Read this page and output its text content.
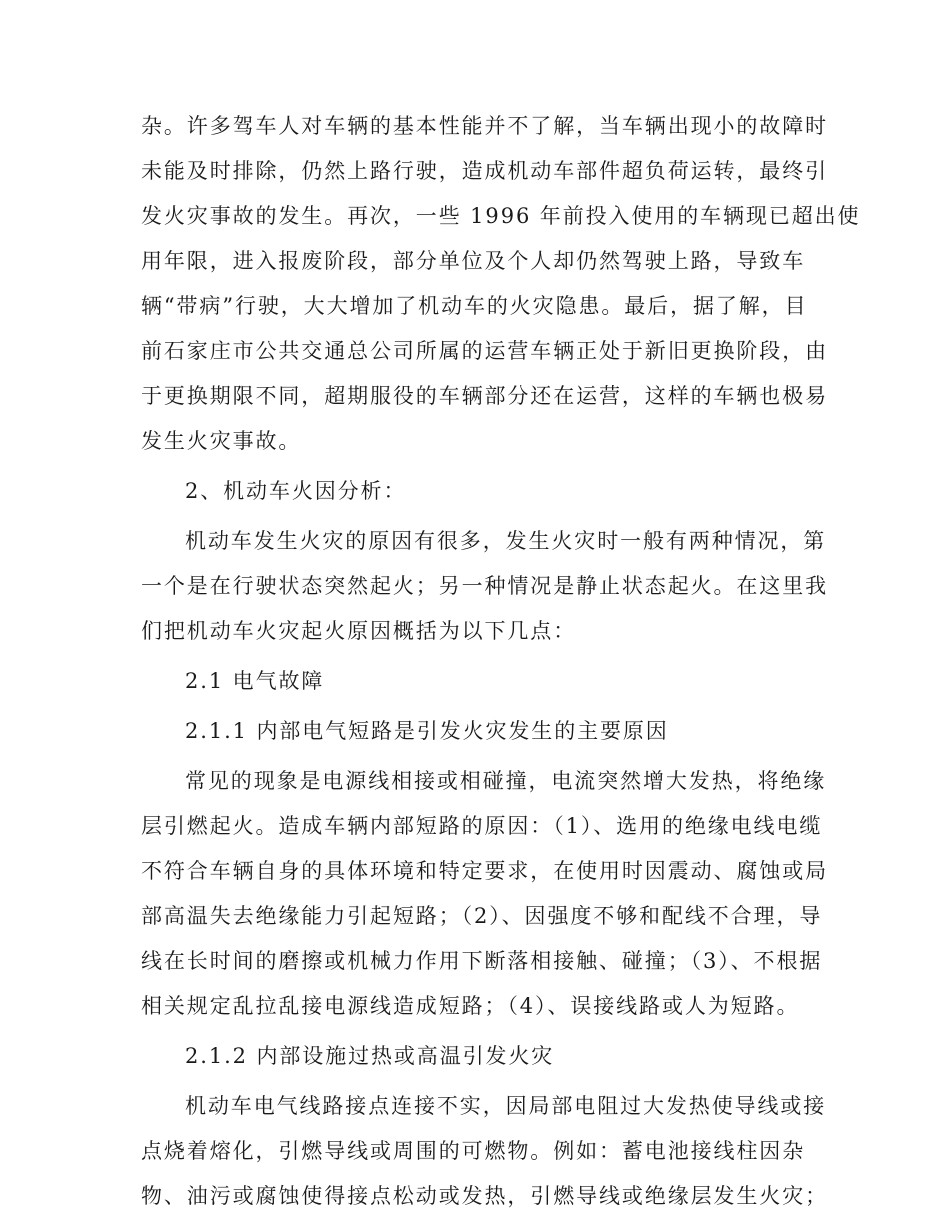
杂。许多驾车人对车辆的基本性能并不了解，当车辆出现小的故障时
未能及时排除，仍然上路行驶，造成机动车部件超负荷运转，最终引
发火灾事故的发生。再次，一些 1996 年前投入使用的车辆现已超出使
用年限，进入报废阶段，部分单位及个人却仍然驾驶上路，导致车
辆“带病”行驶，大大增加了机动车的火灾隐患。最后，据了解，目
前石家庄市公共交通总公司所属的运营车辆正处于新旧更换阶段，由
于更换期限不同，超期服役的车辆部分还在运营，这样的车辆也极易
发生火灾事故。
2、机动车火因分析：
机动车发生火灾的原因有很多，发生火灾时一般有两种情况，第
一个是在行驶状态突然起火；另一种情况是静止状态起火。在这里我
们把机动车火灾起火原因概括为以下几点：
2.1 电气故障
2.1.1 内部电气短路是引发火灾发生的主要原因
常见的现象是电源线相接或相碰撞，电流突然增大发热，将绝缘
层引燃起火。造成车辆内部短路的原因：（1）、选用的绝缘电线电缆
不符合车辆自身的具体环境和特定要求，在使用时因震动、腐蚀或局
部高温失去绝缘能力引起短路；（2）、因强度不够和配线不合理，导
线在长时间的磨擦或机械力作用下断落相接触、碰撞；（3）、不根据
相关规定乱拉乱接电源线造成短路；（4）、误接线路或人为短路。
2.1.2 内部设施过热或高温引发火灾
机动车电气线路接点连接不实，因局部电阻过大发热使导线或接
点烧着熔化，引燃导线或周围的可燃物。例如：蓄电池接线柱因杂
物、油污或腐蚀使得接点松动或发热，引燃导线或绝缘层发生火灾；
